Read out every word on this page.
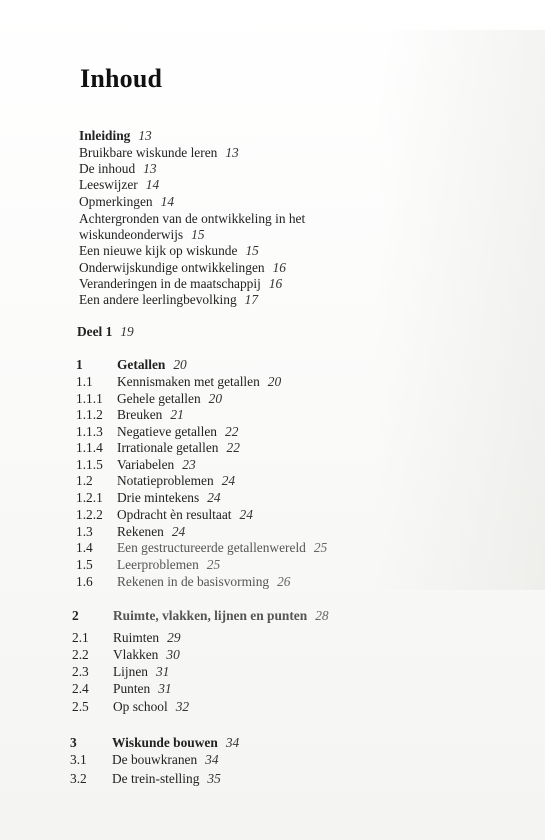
Inhoud
Inleiding 13
Bruikbare wiskunde leren 13
De inhoud 13
Leeswijzer 14
Opmerkingen 14
Achtergronden van de ontwikkeling in het
wiskundeonderwijs 15
Een nieuwe kijk op wiskunde 15
Onderwijskundige ontwikkelingen 16
Veranderingen in de maatschappij 16
Een andere leerlingbevolking 17
Deel 1 19
1	Getallen 20
1.1 Kennismaken met getallen 20
1.1.1 Gehele getallen 20
1.1.2 Breuken 21
1.1.3 Negatieve getallen 22
1.1.4 Irrationale getallen 22
1.1.5 Variabelen 23
1.2 Notatieproblemen 24
1.2.1 Drie mintekens 24
1.2.2 Opdracht èn resultaat 24
1.3 Rekenen 24
1.4 Een gestructureerde getallenwereld 25
1.5 Leerproblemen 25
1.6 Rekenen in de basisvorming 26
2	Ruimte, vlakken, lijnen en punten 28
2.1 Ruimten 29
2.2 Vlakken 30
2.3 Lijnen 31
2.4 Punten 31
2.5 Op school 32
3	Wiskunde bouwen 34
3.1 De bouwkranen 34
3.2 De trein-stelling 35
